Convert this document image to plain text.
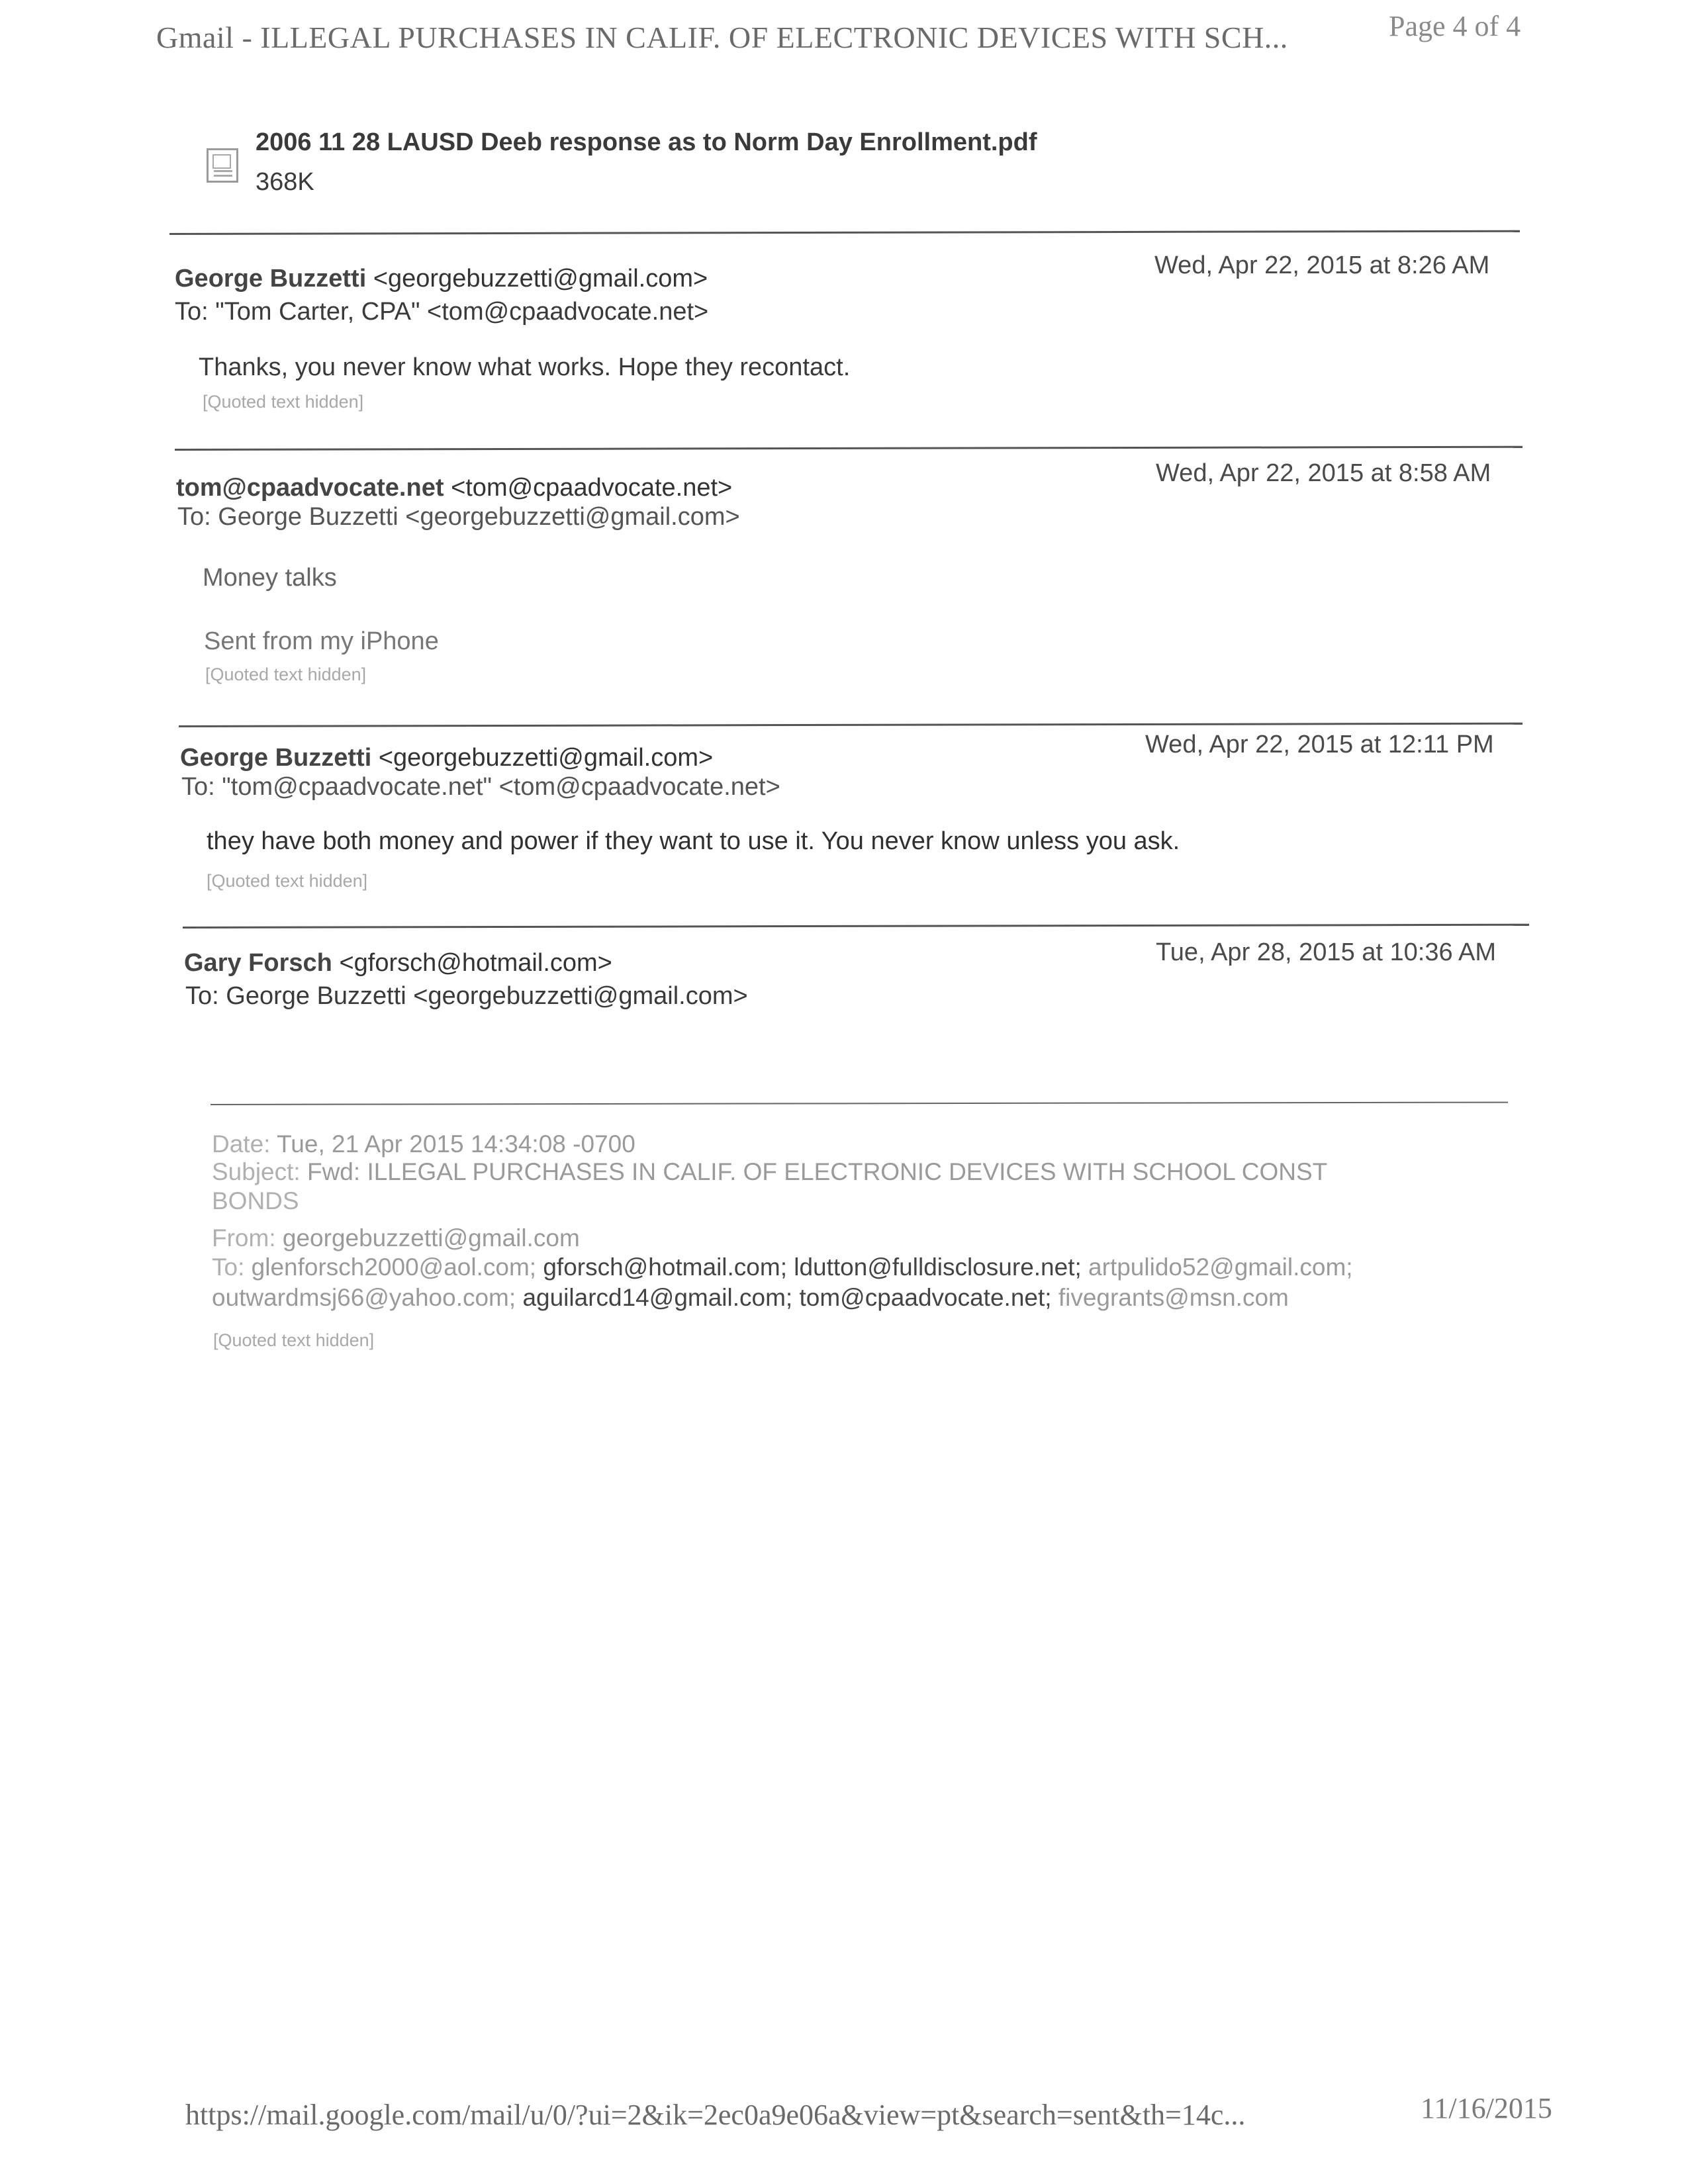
Gmail - ILLEGAL PURCHASES IN CALIF. OF ELECTRONIC DEVICES WITH SCH...	Page 4 of 4
2006 11 28 LAUSD Deeb response as to Norm Day Enrollment.pdf
368K
George Buzzetti <georgebuzzetti@gmail.com>	Wed, Apr 22, 2015 at 8:26 AM
To: "Tom Carter, CPA" <tom@cpaadvocate.net>
Thanks, you never know what works. Hope they recontact.
[Quoted text hidden]
tom@cpaadvocate.net <tom@cpaadvocate.net>
Wed, Apr 22, 2015 at 8:58 AM
To: George Buzzetti <georgebuzzetti@gmail.com>
Money talks
Sent from my iPhone
[Quoted text hidden]
George Buzzetti <georgebuzzetti@gmail.com>	Wed, Apr 22, 2015 at 12:11 PM
To: "tom@cpaadvocate.net" <tom@cpaadvocate.net>
they have both money and power if they want to use it. You never know unless you ask.
[Quoted text hidden]
Gary Forsch <gforsch@hotmail.com>	Tue, Apr 28, 2015 at 10:36 AM
To: George Buzzetti <georgebuzzetti@gmail.com>
Date: Tue, 21 Apr 2015 14:34:08 -0700
Subject: Fwd: ILLEGAL PURCHASES IN CALIF. OF ELECTRONIC DEVICES WITH SCHOOL CONST
BONDS
From: georgebuzzetti@gmail.com
To: glenforsch2000@aol.com; gforsch@hotmail.com; ldutton@fulldisclosure.net; artpulido52@gmail.com;
outwardmsj66@yahoo.com; aguilarcd14@gmail.com; tom@cpaadvocate.net; fivegrants@msn.com
[Quoted text hidden]
https://mail.google.com/mail/u/0/?ui=2&ik=2ec0a9e06a&view=pt&search=sent&th=14c...	11/16/2015
